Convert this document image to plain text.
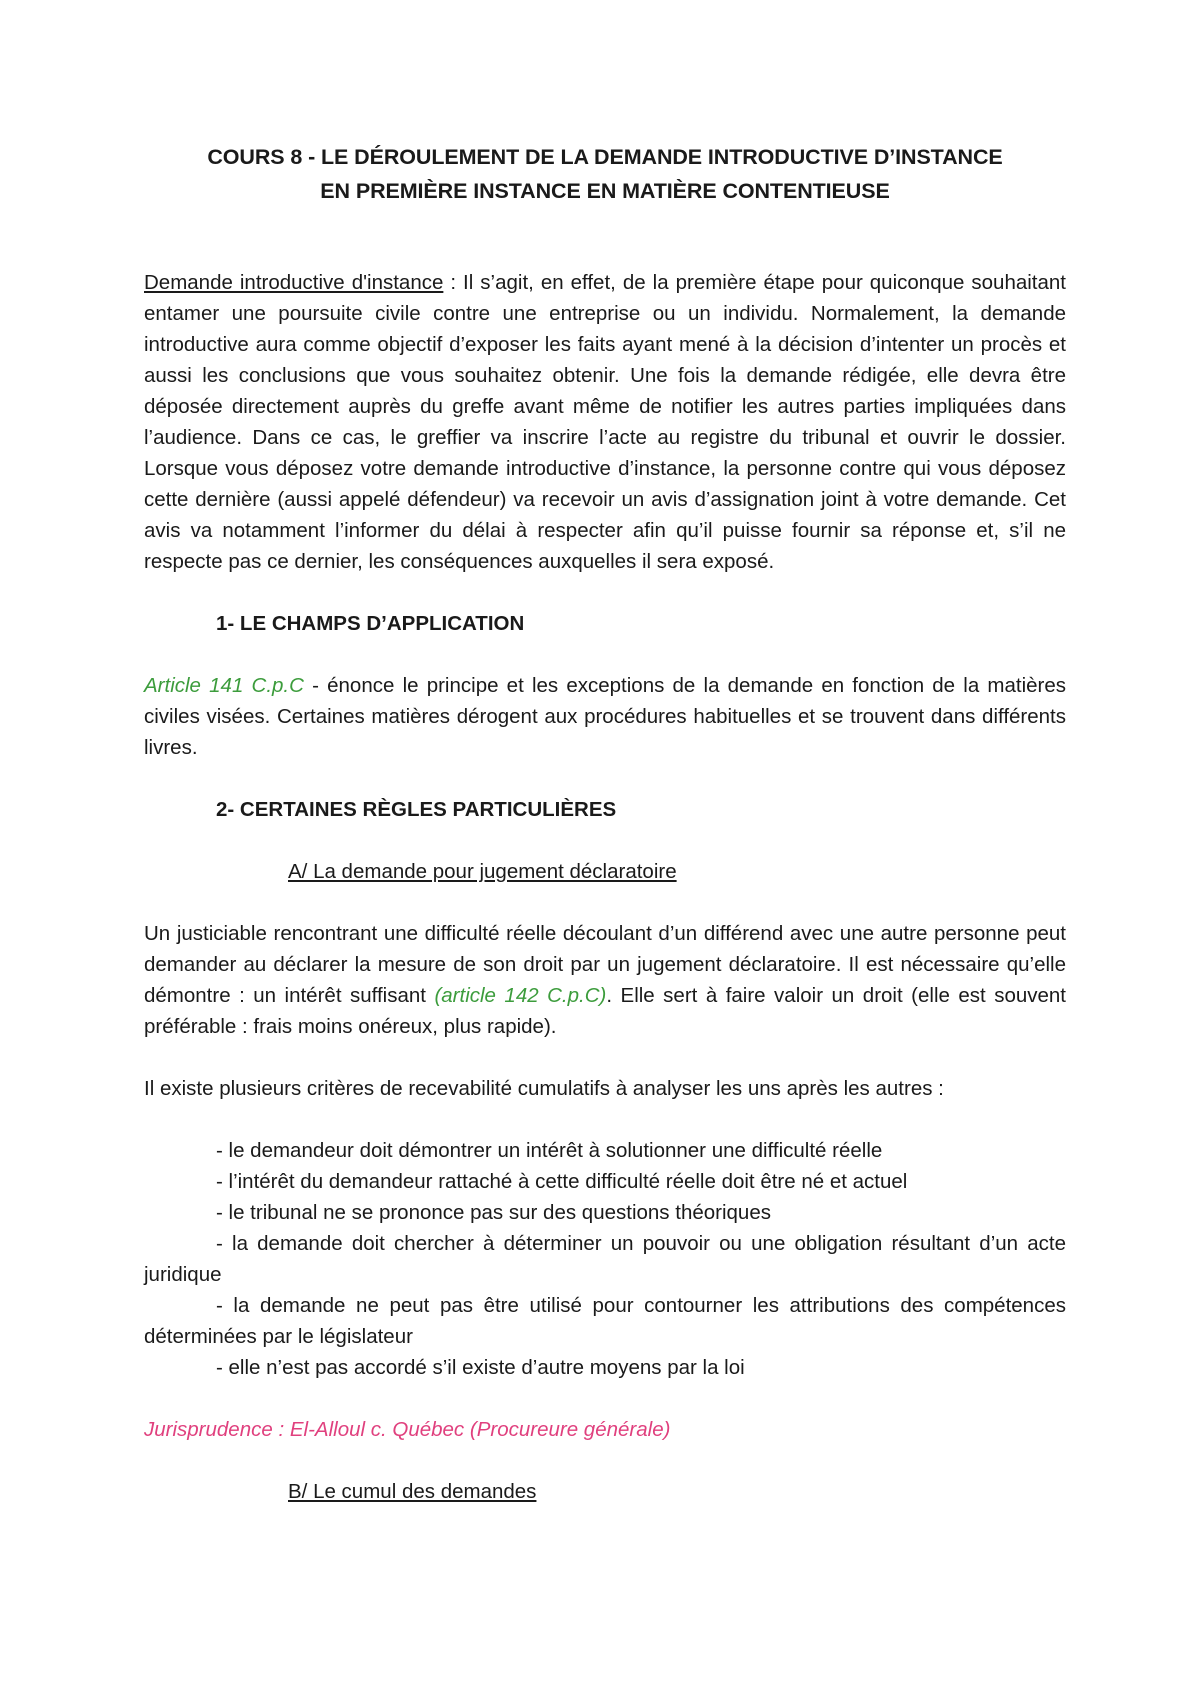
COURS 8 - LE DÉROULEMENT DE LA DEMANDE INTRODUCTIVE D’INSTANCE
EN PREMIÈRE INSTANCE EN MATIÈRE CONTENTIEUSE

Demande introductive d'instance : Il s’agit, en effet, de la première étape pour quiconque souhaitant entamer une poursuite civile contre une entreprise ou un individu. Normalement, la demande introductive aura comme objectif d’exposer les faits ayant mené à la décision d’intenter un procès et aussi les conclusions que vous souhaitez obtenir. Une fois la demande rédigée, elle devra être déposée directement auprès du greffe avant même de notifier les autres parties impliquées dans l’audience. Dans ce cas, le greffier va inscrire l’acte au registre du tribunal et ouvrir le dossier. Lorsque vous déposez votre demande introductive d’instance, la personne contre qui vous déposez cette dernière (aussi appelé défendeur) va recevoir un avis d’assignation joint à votre demande. Cet avis va notamment l’informer du délai à respecter afin qu’il puisse fournir sa réponse et, s’il ne respecte pas ce dernier, les conséquences auxquelles il sera exposé.

1- LE CHAMPS D’APPLICATION

Article 141 C.p.C - énonce le principe et les exceptions de la demande en fonction de la matières civiles visées. Certaines matières dérogent aux procédures habituelles et se trouvent dans différents livres.

2- CERTAINES RÈGLES PARTICULIÈRES

A/ La demande pour jugement déclaratoire

Un justiciable rencontrant une difficulté réelle découlant d’un différend avec une autre personne peut demander au déclarer la mesure de son droit par un jugement déclaratoire. Il est nécessaire qu’elle démontre : un intérêt suffisant (article 142 C.p.C). Elle sert à faire valoir un droit (elle est souvent préférable : frais moins onéreux, plus rapide).

Il existe plusieurs critères de recevabilité cumulatifs à analyser les uns après les autres :

- le demandeur doit démontrer un intérêt à solutionner une difficulté réelle
- l’intérêt du demandeur rattaché à cette difficulté réelle doit être né et actuel
- le tribunal ne se prononce pas sur des questions théoriques
- la demande doit chercher à déterminer un pouvoir ou une obligation résultant d’un acte juridique
- la demande ne peut pas être utilisé pour contourner les attributions des compétences déterminées par le législateur
- elle n’est pas accordé s’il existe d’autre moyens par la loi

Jurisprudence : El-Alloul c. Québec (Procureure générale)

B/ Le cumul des demandes
